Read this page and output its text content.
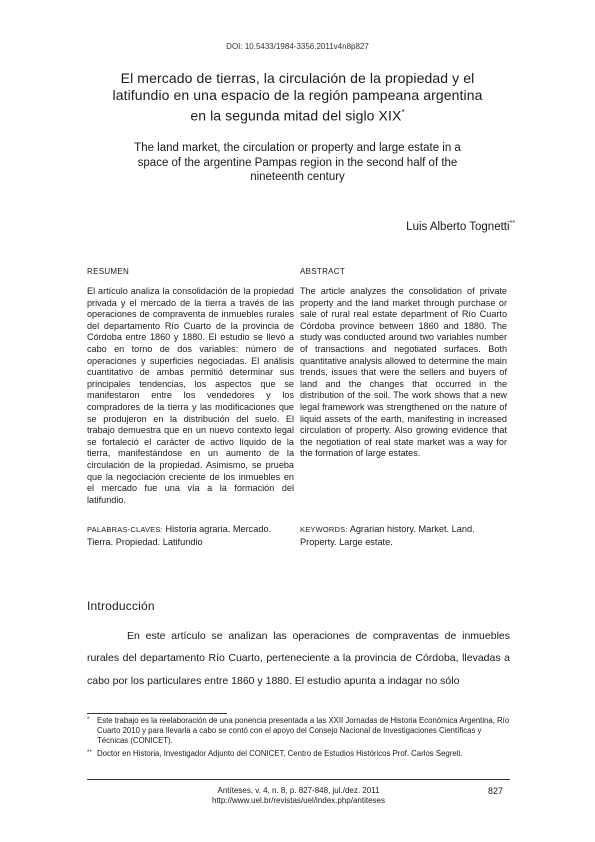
DOI: 10.5433/1984-3356.2011v4n8p827
El mercado de tierras, la circulación de la propiedad y el
latifundio en una espacio de la región pampeana argentina
en la segunda mitad del siglo XIX*
The land market, the circulation or property and large estate in a
space of the argentine Pampas region in the second half of the
nineteenth century
Luis Alberto Tognetti**
RESUMEN
El artículo analiza la consolidación de la propiedad privada y el mercado de la tierra a través de las operaciones de compraventa de inmuebles rurales del departamento Río Cuarto de la provincia de Córdoba entre 1860 y 1880. El estudio se llevó a cabo en torno de dos variables: número de operaciones y superficies negociadas. El análisis cuantitativo de ambas permitió determinar sus principales tendencias, los aspectos que se manifestaron entre los vendedores y los compradores de la tierra y las modificaciones que se produjeron en la distribución del suelo. El trabajo demuestra que en un nuevo contexto legal se fortaleció el carácter de activo líquido de la tierra, manifestándose en un aumento de la circulación de la propiedad. Asimismo, se prueba que la negociación creciente de los inmuebles en el mercado fue una vía a la formación del latifundio.
PALABRAS-CLAVES: Historia agraria. Mercado. Tierra. Propiedad. Latifundio
ABSTRACT
The article analyzes the consolidation of private property and the land market through purchase or sale of rural real estate department of Río Cuarto Córdoba province between 1860 and 1880. The study was conducted around two variables number of transactions and negotiated surfaces. Both quantitative analysis allowed to determine the main trends, issues that were the sellers and buyers of land and the changes that occurred in the distribution of the soil. The work shows that a new legal framework was strengthened on the nature of liquid assets of the earth, manifesting in increased circulation of property. Also growing evidence that the negotiation of real state market was a way for the formation of large estates.
KEYWORDS: Agrarian history. Market. Land. Property. Large estate.
Introducción
En este artículo se analizan las operaciones de compraventas de inmuebles rurales del departamento Río Cuarto, perteneciente a la provincia de Córdoba, llevadas a cabo por los particulares entre 1860 y 1880. El estudio apunta a indagar no sólo
* Este trabajo es la reelaboración de una ponencia presentada a las XXII Jornadas de Historia Económica Argentina, Río Cuarto 2010 y para llevarla a cabo se contó con el apoyo del Consejo Nacional de Investigaciones Científicas y Técnicas (CONICET).
** Doctor en Historia, Investigador Adjunto del CONICET, Centro de Estudios Históricos Prof. Carlos Segreti.
Antíteses, v. 4, n. 8, p. 827-848, jul./dez. 2011
http://www.uel.br/revistas/uel/index.php/antiteses
827
